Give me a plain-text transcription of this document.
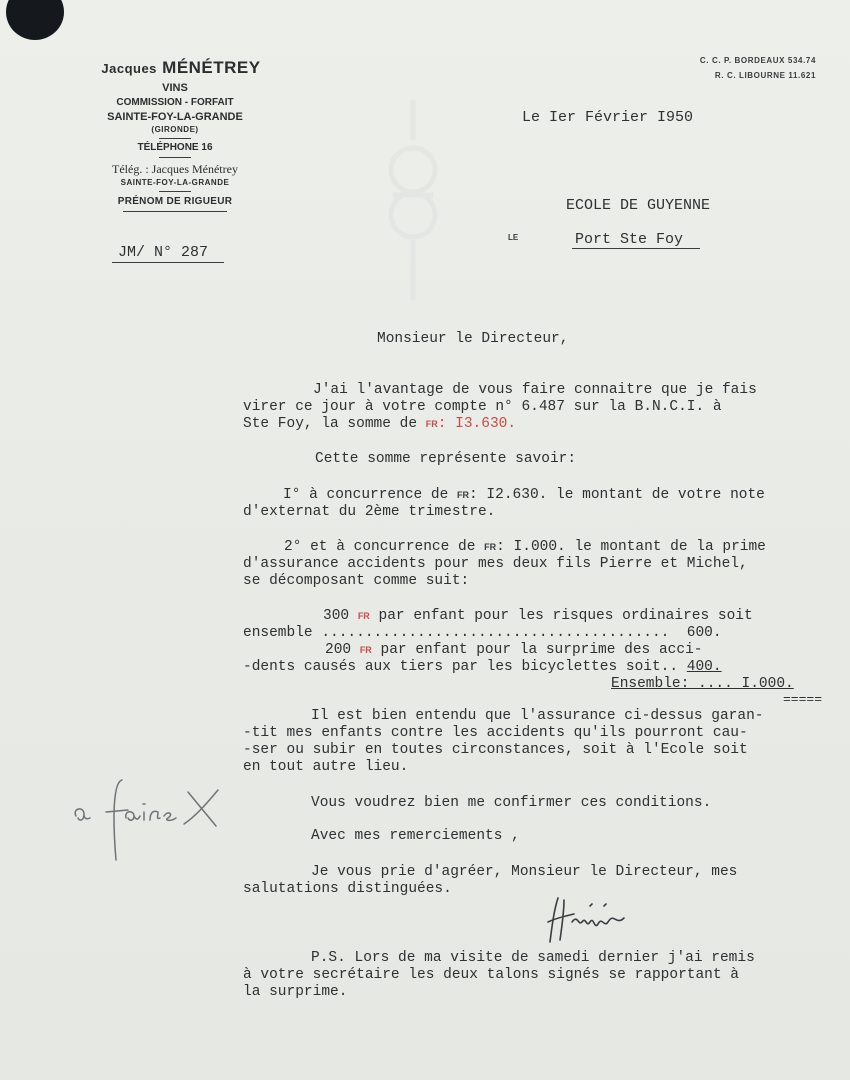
Jacques MÉNÉTREY
VINS
COMMISSION - FORFAIT
SAINTE-FOY-LA-GRANDE
(GIRONDE)
TÉLÉPHONE 16
Télég. : Jacques Ménétrey
SAINTE-FOY-LA-GRANDE
PRÉNOM DE RIGUEUR
JM/ N° 287
C. C. P. BORDEAUX 534.74
R. C. LIBOURNE 11.621
Le Ier Février I950
ECOLE DE GUYENNE
LE	Port Ste Foy
Monsieur le Directeur,
J'ai l'avantage de vous faire connaitre que je fais
virer ce jour à votre compte n° 6.487 sur la B.N.C.I. à
Ste Foy, la somme de FR: I3.630.
Cette somme représente savoir:
I° à concurrence de FR: I2.630. le montant de votre note
d'externat du 2ème trimestre.
2° et à concurrence de FR: I.000. le montant de la prime
d'assurance accidents pour mes deux fils Pierre et Michel,
se décomposant comme suit:
300 FR par enfant pour les risques ordinaires soit
ensemble ........................................  600.
200 FR par enfant pour la surprime des acci-
-dents causés aux tiers par les bicyclettes soit.. 400.
Ensemble: .... I.000.
=====
Il est bien entendu que l'assurance ci-dessus garan-
-tit mes enfants contre les accidents qu'ils pourront cau-
-ser ou subir en toutes circonstances, soit à l'Ecole soit
en tout autre lieu.
Vous voudrez bien me confirmer ces conditions.
Avec mes remerciements ,
Je vous prie d'agréer, Monsieur le Directeur, mes
salutations distinguées.
P.S. Lors de ma visite de samedi dernier j'ai remis
à votre secrétaire les deux talons signés se rapportant à
la surprime.
